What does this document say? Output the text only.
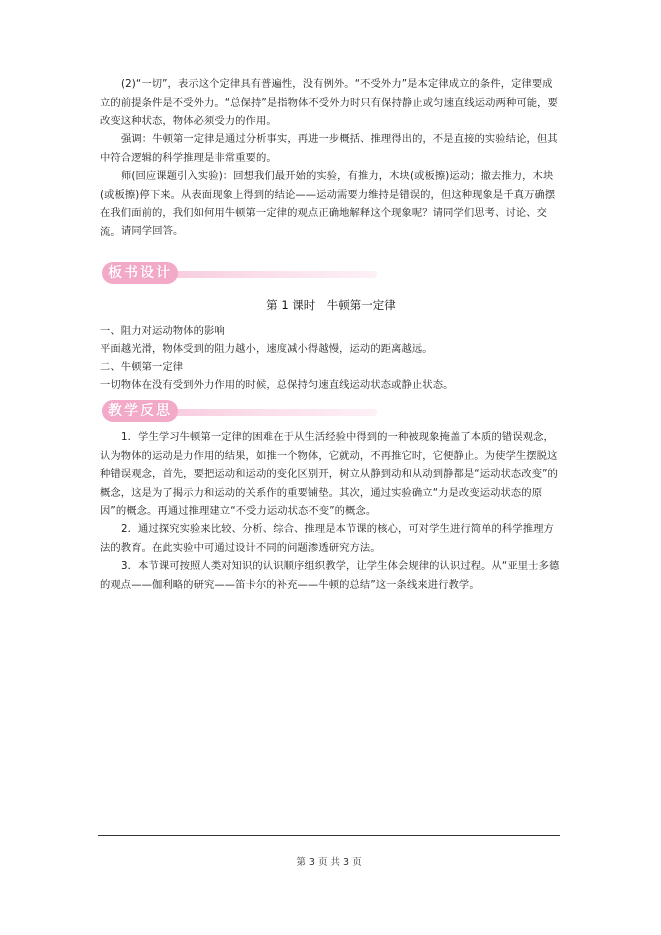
(2)“一切”，表示这个定律具有普遍性，没有例外。“不受外力”是本定律成立的条件，定律要成立的前提条件是不受外力。“总保持”是指物体不受外力时只有保持静止或匀速直线运动两种可能，要改变这种状态，物体必须受力的作用。
强调：牛顿第一定律是通过分析事实，再进一步概括、推理得出的，不是直接的实验结论，但其中符合逻辑的科学推理是非常重要的。
师(回应课题引入实验)：回想我们最开始的实验，有推力，木块(或板擦)运动；撤去推力，木块(或板擦)停下来。从表面现象上得到的结论——运动需要力维持是错误的，但这种现象是千真万确摆在我们面前的，我们如何用牛顿第一定律的观点正确地解释这个现象呢？请同学们思考、讨论、交流。 请同学回答。
板书设计
第 1 课时　牛顿第一定律
一、阻力对运动物体的影响
平面越光滑，物体受到的阻力越小，速度减小得越慢，运动的距离越远。
二、牛顿第一定律
一切物体在没有受到外力作用的时候，总保持匀速直线运动状态或静止状态。
教学反思
1．学生学习牛顿第一定律的困难在于从生活经验中得到的一种被现象掩盖了本质的错误观念，认为物体的运动是力作用的结果，如推一个物体，它就动，不再推它时，它便静止。为使学生摆脱这种错误观念，首先，要把运动和运动的变化区别开，树立从静到动和从动到静都是“运动状态改变”的概念，这是为了揭示力和运动的关系作的重要铺垫。其次，通过实验确立“力是改变运动状态的原因”的概念。再通过推理建立“不受力运动状态不变”的概念。
2．通过探究实验来比较、分析、综合、推理是本节课的核心，可对学生进行简单的科学推理方法的教育。在此实验中可通过设计不同的问题渗透研究方法。
3．本节课可按照人类对知识的认识顺序组织教学，让学生体会规律的认识过程。从“亚里士多德的观点——伽利略的研究——笛卡尔的补充——牛顿的总结”这一条线来进行教学。
第 3 页 共 3 页
